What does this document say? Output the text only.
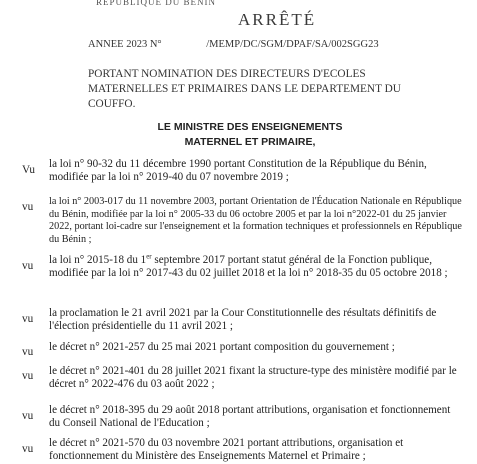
REPUBLIQUE DU BENIN
ARRÊTÉ
ANNEE 2023 N°	/MEMP/DC/SGM/DPAF/SA/002SGG23
PORTANT NOMINATION DES DIRECTEURS D'ECOLES MATERNELLES ET PRIMAIRES DANS LE DEPARTEMENT DU COUFFO.
LE MINISTRE DES ENSEIGNEMENTS
MATERNEL ET PRIMAIRE,
Vu la loi n° 90-32 du 11 décembre 1990 portant Constitution de la République du Bénin, modifiée par la loi n° 2019-40 du 07 novembre 2019 ;
vu la loi n° 2003-017 du 11 novembre 2003, portant Orientation de l'Éducation Nationale en République du Bénin, modifiée par la loi n° 2005-33 du 06 octobre 2005 et par la loi n°2022-01 du 25 janvier 2022, portant loi-cadre sur l'enseignement et la formation techniques et professionnels en République du Bénin ;
vu la loi n° 2015-18 du 1er septembre 2017 portant statut général de la Fonction publique, modifiée par la loi n° 2017-43 du 02 juillet 2018 et la loi n° 2018-35 du 05 octobre 2018 ;
vu la proclamation le 21 avril 2021 par la Cour Constitutionnelle des résultats définitifs de l'élection présidentielle du 11 avril 2021 ;
vu le décret n° 2021-257 du 25 mai 2021 portant composition du gouvernement ;
vu le décret n° 2021-401 du 28 juillet 2021 fixant la structure-type des ministère modifié par le décret n° 2022-476 du 03 août 2022 ;
vu le décret n° 2018-395 du 29 août 2018 portant attributions, organisation et fonctionnement du Conseil National de l'Education ;
vu le décret n° 2021-570 du 03 novembre 2021 portant attributions, organisation et fonctionnement du Ministère des Enseignements Maternel et Primaire ;
